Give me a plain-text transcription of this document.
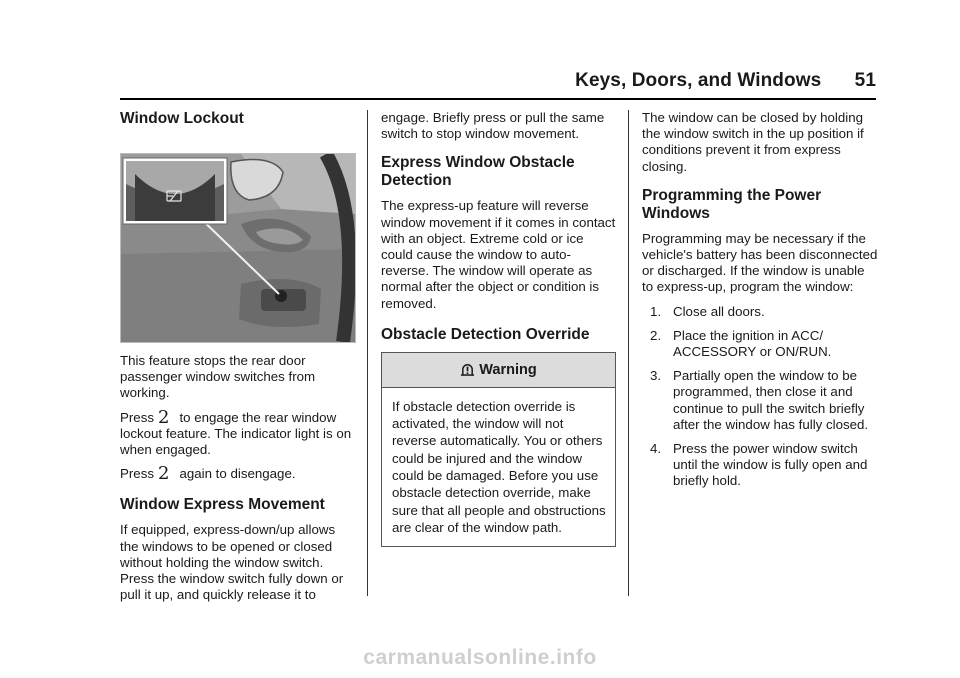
Keys, Doors, and Windows 51
Window Lockout

This feature stops the rear door passenger window switches from working.

Press 2 to engage the rear window lockout feature. The indicator light is on when engaged.

Press 2 again to disengage.

Window Express Movement

If equipped, express-down/up allows the windows to be opened or closed without holding the window switch. Press the window switch fully down or pull it up, and quickly release it to

engage. Briefly press or pull the same switch to stop window movement.

Express Window Obstacle Detection

The express-up feature will reverse window movement if it comes in contact with an object. Extreme cold or ice could cause the window to auto-reverse. The window will operate as normal after the object or condition is removed.

Obstacle Detection Override
Warning

If obstacle detection override is activated, the window will not reverse automatically. You or others could be injured and the window could be damaged. Before you use obstacle detection override, make sure that all people and obstructions are clear of the window path.

The window can be closed by holding the window switch in the up position if conditions prevent it from express closing.

Programming the Power Windows

Programming may be necessary if the vehicle's battery has been disconnected or discharged. If the window is unable to express-up, program the window:

1. Close all doors.
2. Place the ignition in ACC/ ACCESSORY or ON/RUN.
3. Partially open the window to be programmed, then close it and continue to pull the switch briefly after the window has fully closed.
4. Press the power window switch until the window is fully open and briefly hold.
carmanualsonline.info
